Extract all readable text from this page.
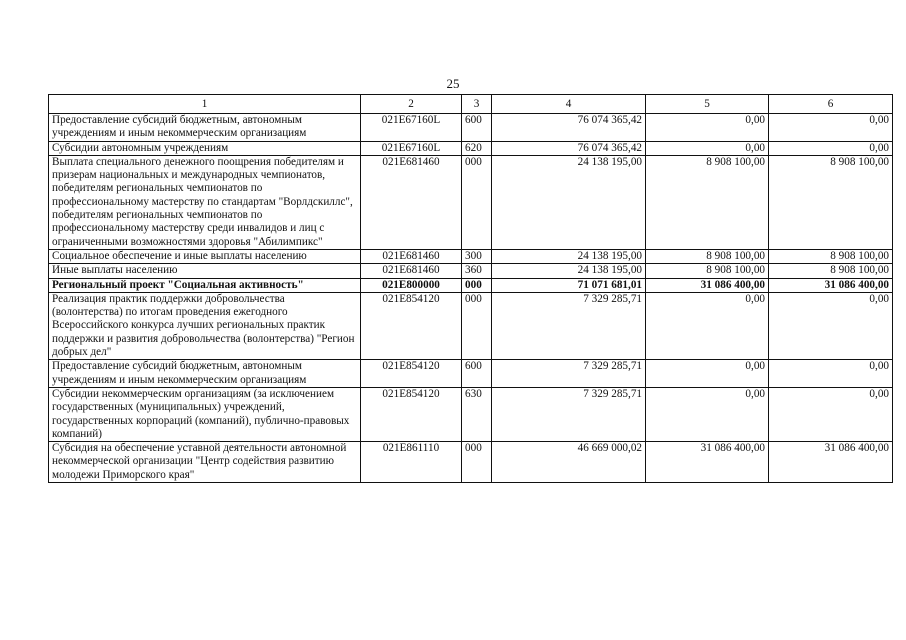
25
1	2	3	4	5	6
Предоставление субсидий бюджетным, автономным учреждениям и иным некоммерческим организациям	021E67160L	600	76 074 365,42	0,00	0,00
Субсидии автономным учреждениям	021E67160L	620	76 074 365,42	0,00	0,00
Выплата специального денежного поощрения победителям и призерам национальных и международных чемпионатов, победителям региональных чемпионатов по профессиональному мастерству по стандартам "Ворлдскиллс", победителям региональных чемпионатов по профессиональному мастерству среди инвалидов и лиц с ограниченными возможностями здоровья "Абилимпикс"	021E681460	000	24 138 195,00	8 908 100,00	8 908 100,00
Социальное обеспечение и иные выплаты населению	021E681460	300	24 138 195,00	8 908 100,00	8 908 100,00
Иные выплаты населению	021E681460	360	24 138 195,00	8 908 100,00	8 908 100,00
Региональный проект "Социальная активность"	021E800000	000	71 071 681,01	31 086 400,00	31 086 400,00
Реализация практик поддержки добровольчества (волонтерства) по итогам проведения ежегодного Всероссийского конкурса лучших региональных практик поддержки и развития добровольчества (волонтерства) "Регион добрых дел"	021E854120	000	7 329 285,71	0,00	0,00
Предоставление субсидий бюджетным, автономным учреждениям и иным некоммерческим организациям	021E854120	600	7 329 285,71	0,00	0,00
Субсидии некоммерческим организациям (за исключением государственных (муниципальных) учреждений, государственных корпораций (компаний), публично-правовых компаний)	021E854120	630	7 329 285,71	0,00	0,00
Субсидия на обеспечение уставной деятельности автономной некоммерческой организации "Центр содействия развитию молодежи Приморского края"	021E861110	000	46 669 000,02	31 086 400,00	31 086 400,00
